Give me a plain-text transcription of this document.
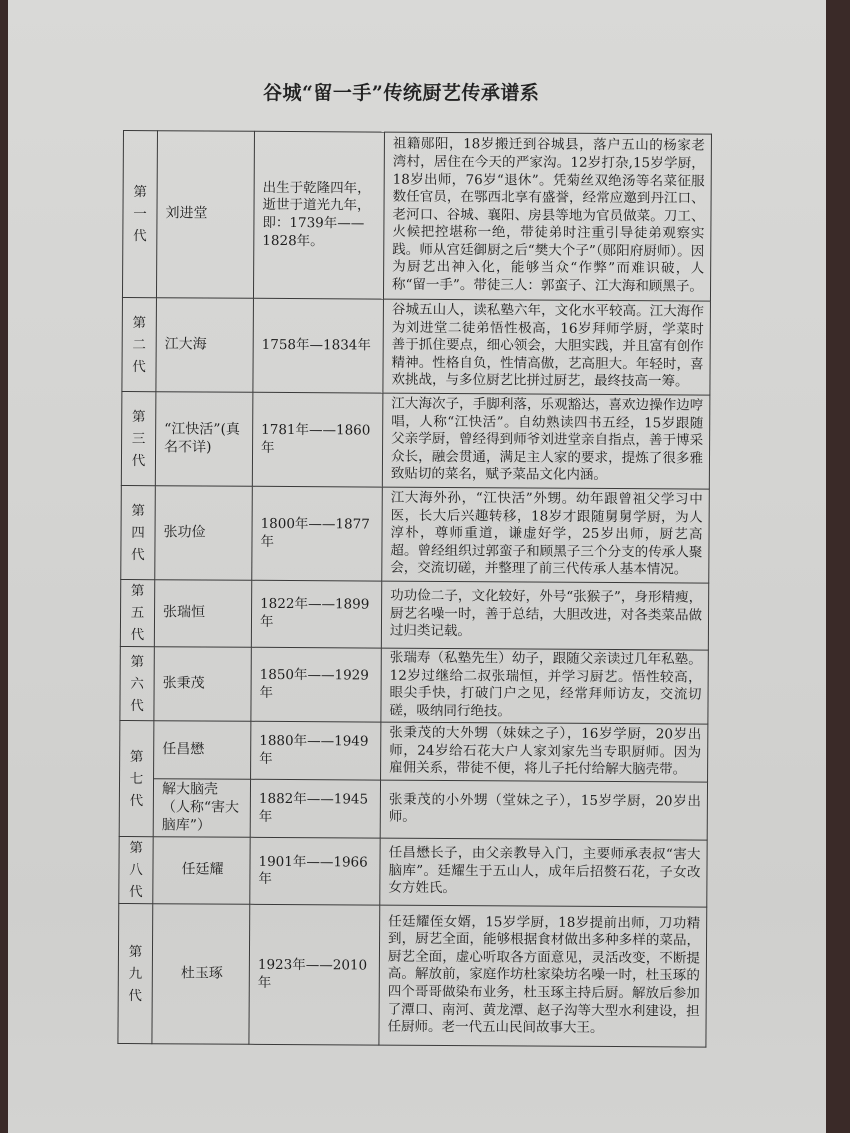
谷城“留一手”传统厨艺传承谱系
第一代	刘进堂	出生于乾隆四年，逝世于道光九年，即：1739年——1828年。	祖籍郧阳，18岁搬迁到谷城县，落户五山的杨家老湾村，居住在今天的严家沟。12岁打杂,15岁学厨，18岁出师，76岁“退休”。凭菊丝双绝汤等名菜征服数任官员，在鄂西北享有盛誉，经常应邀到丹江口、老河口、谷城、襄阳、房县等地为官员做菜。刀工、火候把控堪称一绝，带徒弟时注重引导徒弟观察实践。师从宫廷御厨之后“樊大个子”（郧阳府厨师）。因为厨艺出神入化，能够当众“作弊”而难识破，人称“留一手”。带徒三人：郭蛮子、江大海和顾黑子。

第二代	江大海	1758年—1834年	谷城五山人，读私塾六年，文化水平较高。江大海作为刘进堂二徒弟悟性极高，16岁拜师学厨，学菜时善于抓住要点，细心领会，大胆实践，并且富有创作精神。性格自负，性情高傲，艺高胆大。年轻时，喜欢挑战，与多位厨艺比拼过厨艺，最终技高一筹。

第三代	“江快活”(真名不详)	1781年——1860年	江大海次子，手脚利落，乐观豁达，喜欢边操作边哼唱，人称“江快活”。自幼熟读四书五经，15岁跟随父亲学厨，曾经得到师爷刘进堂亲自指点，善于博采众长，融会贯通，满足主人家的要求，提炼了很多雅致贴切的菜名，赋予菜品文化内涵。

第四代	张功俭	1800年——1877年	江大海外孙，“江快活”外甥。幼年跟曾祖父学习中医，长大后兴趣转移，18岁才跟随舅舅学厨，为人淳朴，尊师重道，谦虚好学，25岁出师，厨艺高超。曾经组织过郭蛮子和顾黑子三个分支的传承人聚会，交流切磋，并整理了前三代传承人基本情况。

第五代	张瑞恒	1822年——1899年	功功俭二子，文化较好，外号“张猴子”，身形精瘦，厨艺名噪一时，善于总结，大胆改进，对各类菜品做过归类记载。

第六代	张秉茂	1850年——1929年	张瑞寿（私塾先生）幼子，跟随父亲读过几年私塾。12岁过继给二叔张瑞恒，并学习厨艺。悟性较高，眼尖手快，打破门户之见，经常拜师访友，交流切磋，吸纳同行绝技。

第七代	任昌懋	1880年——1949年	张秉茂的大外甥（妹妹之子），16岁学厨，20岁出师，24岁给石花大户人家刘家先当专职厨师。因为雇佣关系，带徒不便，将儿子托付给解大脑壳带。
	解大脑壳（人称“害大脑库”）	1882年——1945年	张秉茂的小外甥（堂妹之子），15岁学厨，20岁出师。

第八代	任廷耀	1901年——1966年	任昌懋长子，由父亲教导入门，主要师承表叔“害大脑库”。廷耀生于五山人，成年后招赘石花，子女改女方姓氏。

第九代	杜玉琢	1923年——2010年	任廷耀侄女婿，15岁学厨，18岁提前出师，刀功精到，厨艺全面，能够根据食材做出多种多样的菜品，厨艺全面，虚心听取各方面意见，灵活改变，不断提高。解放前，家庭作坊杜家染坊名噪一时，杜玉琢的四个哥哥做染布业务，杜玉琢主持后厨。解放后参加了潭口、南河、黄龙潭、赵子沟等大型水利建设，担任厨师。老一代五山民间故事大王。
